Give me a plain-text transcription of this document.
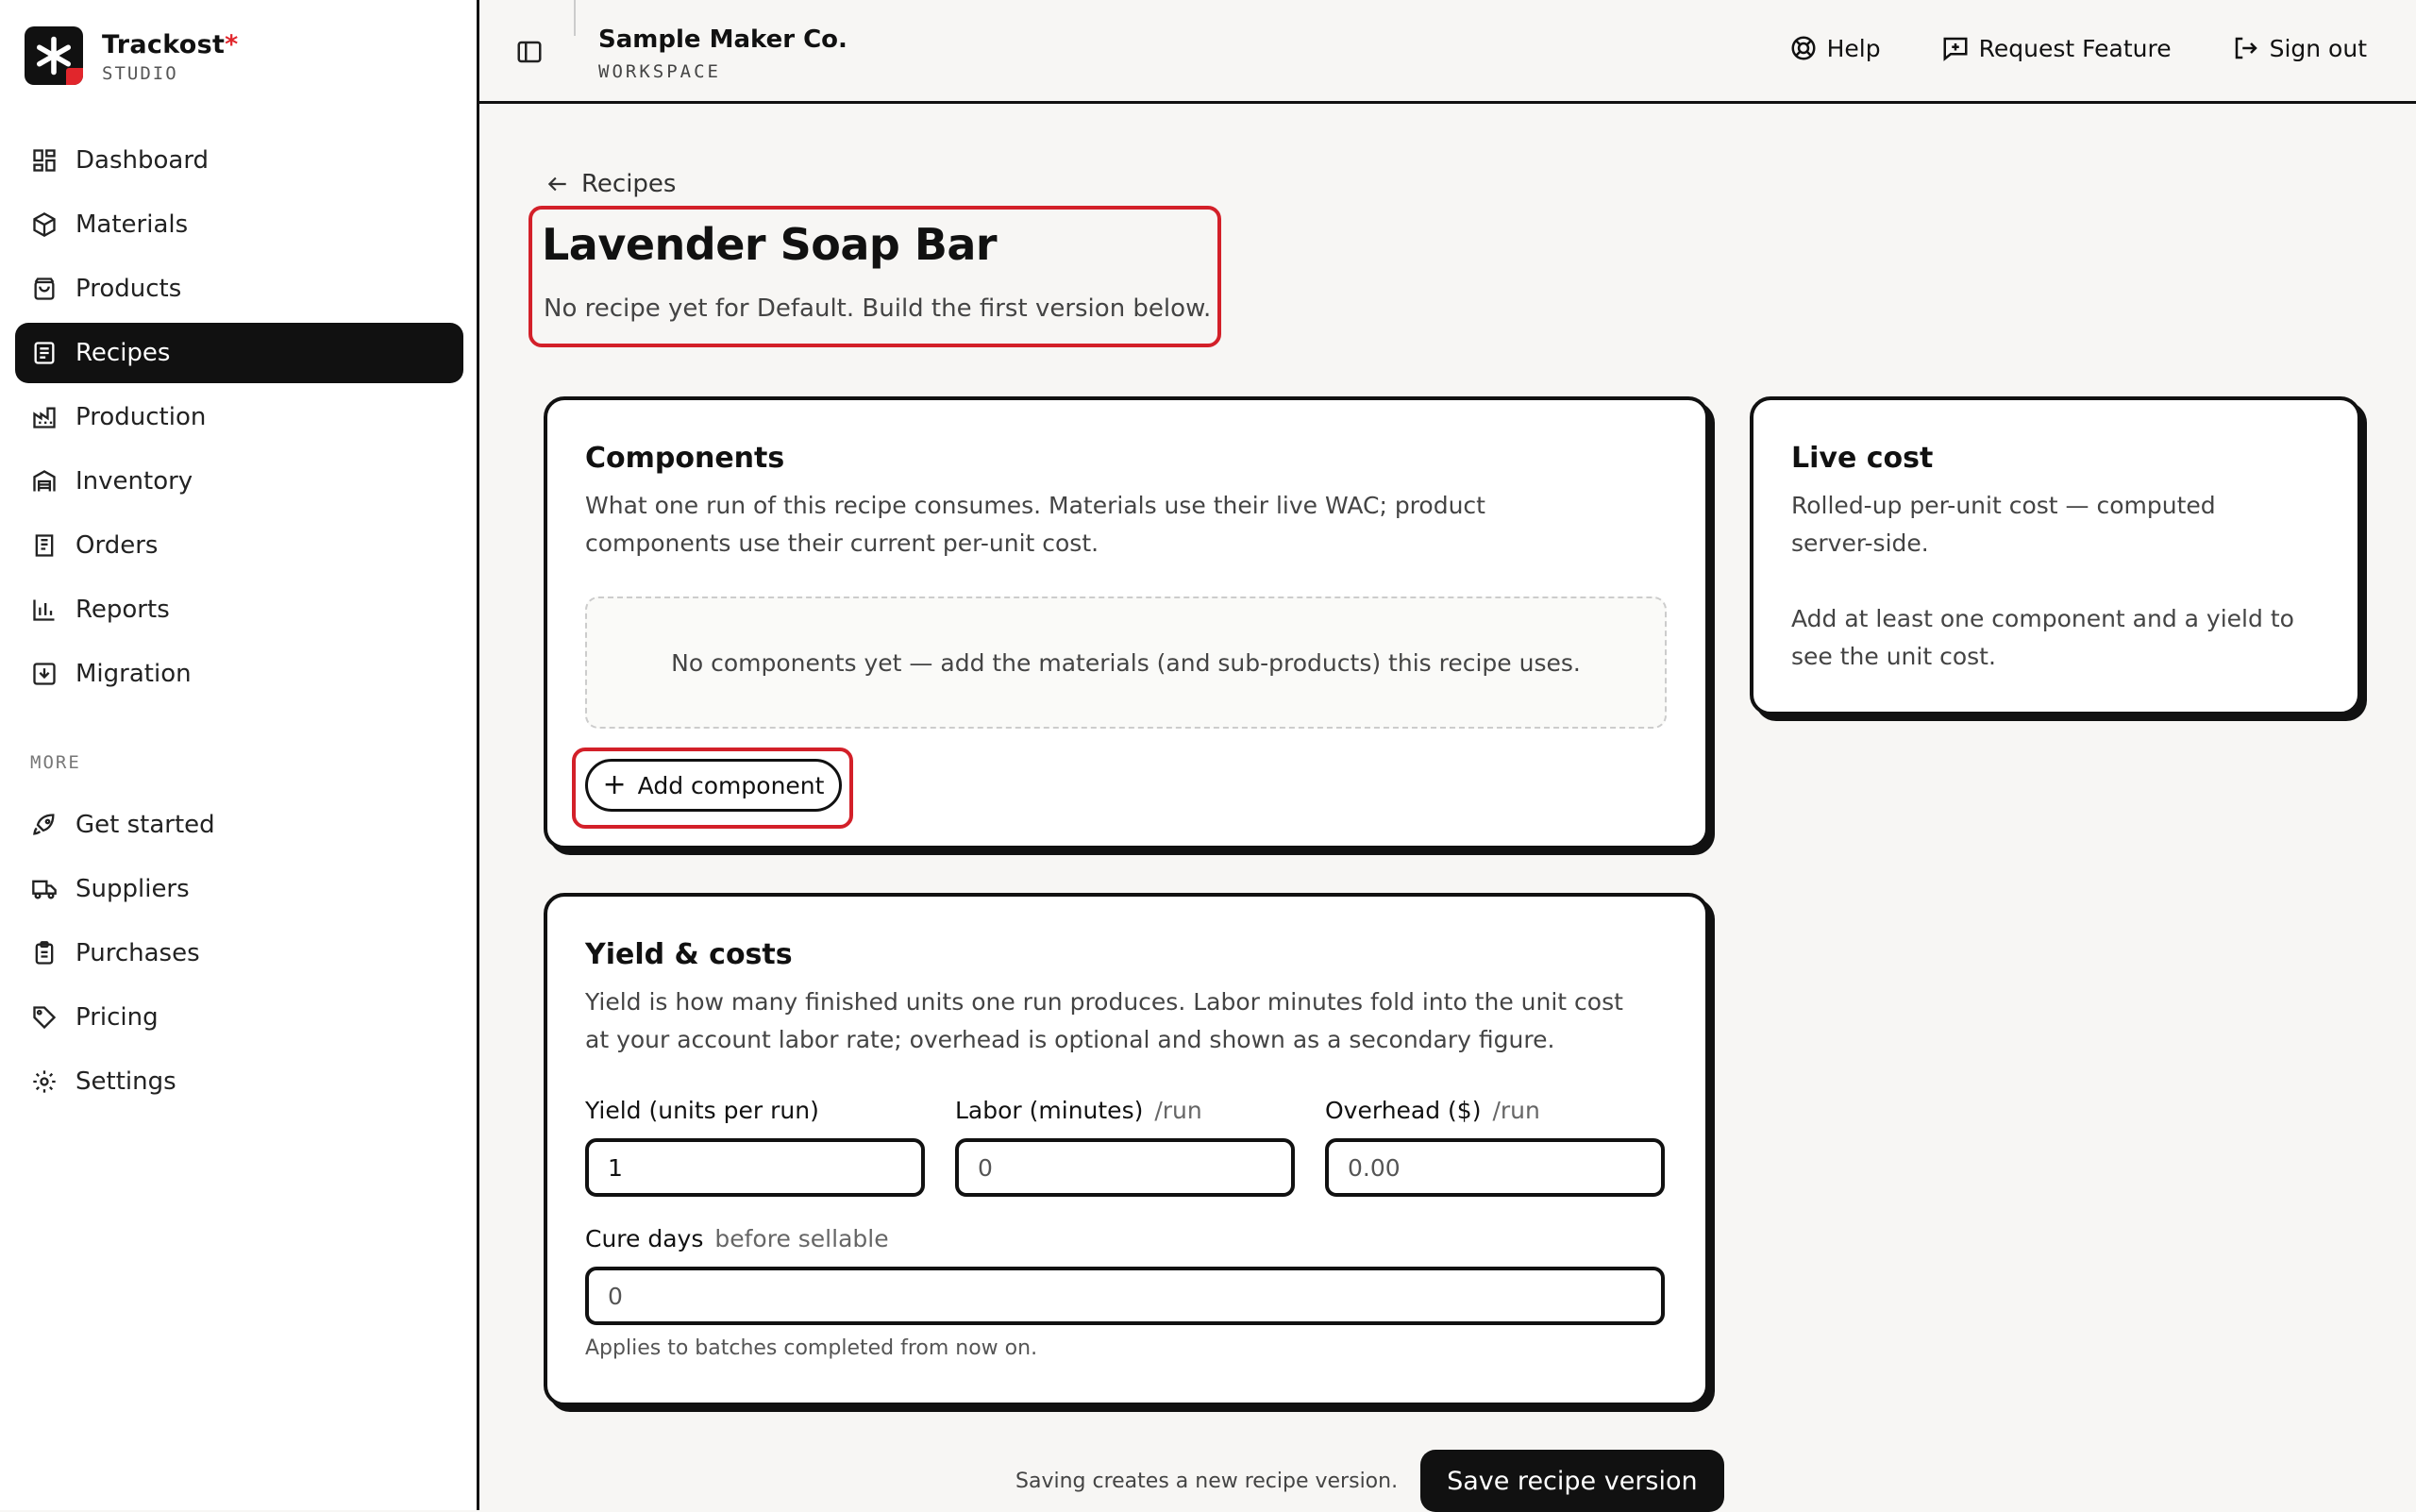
Trackost*
STUDIO
Dashboard
Materials
Products
Recipes
Production
Inventory
Orders
Reports
Migration
MORE
Get started
Suppliers
Purchases
Pricing
Settings
Sample Maker Co.
WORKSPACE
Help	Request Feature	Sign out
Recipes
Lavender Soap Bar
No recipe yet for Default. Build the first version below.
Components

What one run of this recipe consumes. Materials use their live WAC; product

components use their current per-unit cost.

No components yet — add the materials (and sub-products) this recipe uses.
+ Add component
Live cost

Rolled-up per-unit cost — computed

server-side.

Add at least one component and a yield to

see the unit cost.

Yield & costs

Yield is how many finished units one run produces. Labor minutes fold into the unit cost

at your account labor rate; overhead is optional and shown as a secondary figure.

Yield (units per run)	Labor (minutes) /run	Overhead ($) /run
1	0	0.00
Cure days before sellable
0
Applies to batches completed from now on.
Saving creates a new recipe version. Save recipe version
